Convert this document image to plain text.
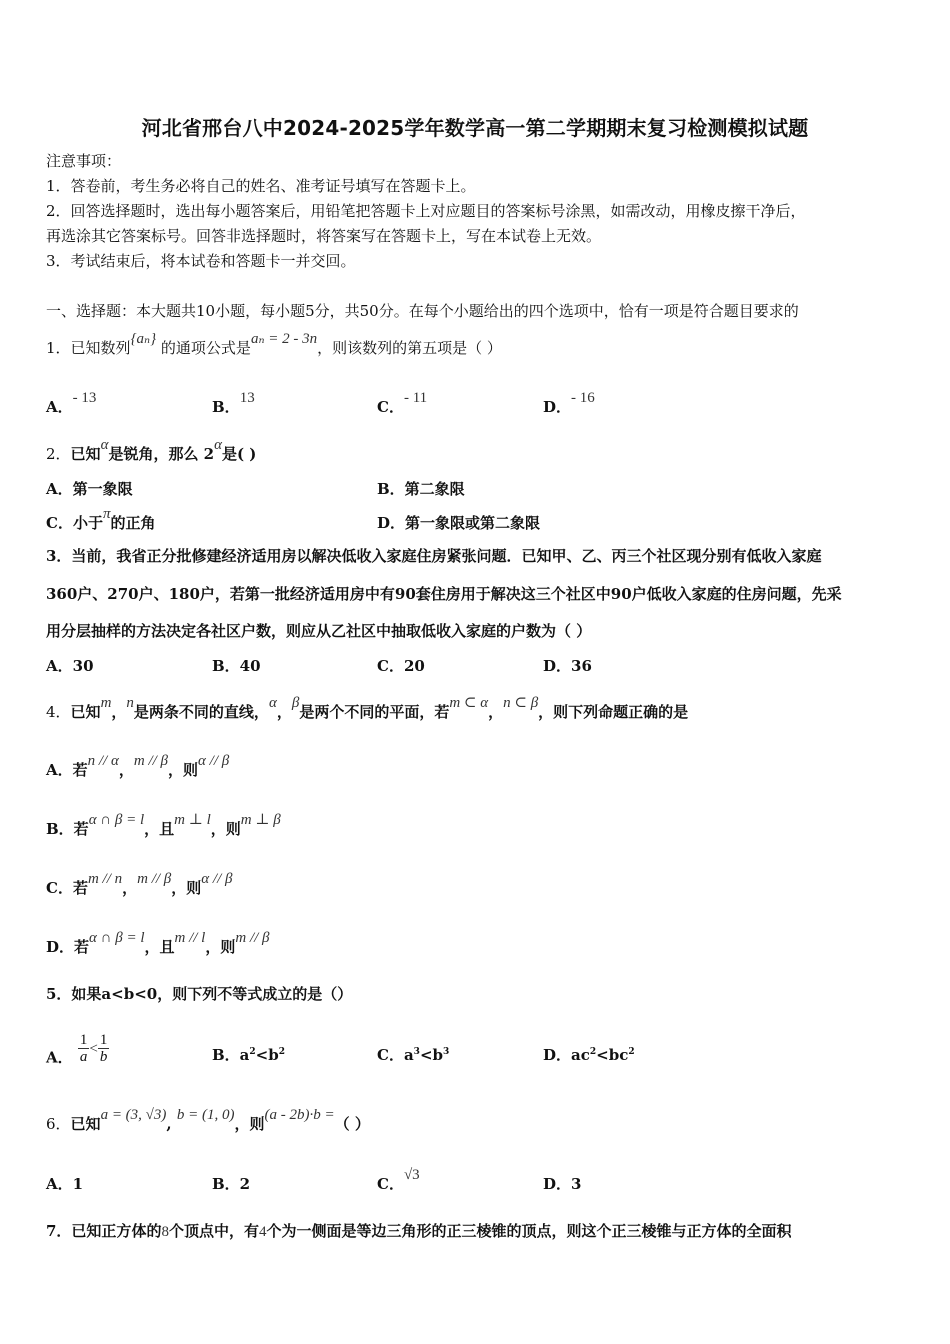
河北省邢台八中2024-2025学年数学高一第二学期期末复习检测模拟试题
注意事项：
1．答卷前，考生务必将自己的姓名、准考证号填写在答题卡上。
2．回答选择题时，选出每小题答案后，用铅笔把答题卡上对应题目的答案标号涂黑，如需改动，用橡皮擦干净后，
再选涂其它答案标号。回答非选择题时，将答案写在答题卡上，写在本试卷上无效。
3．考试结束后，将本试卷和答题卡一并交回。
一、选择题：本大题共10小题，每小题5分，共50分。在每个小题给出的四个选项中，恰有一项是符合题目要求的
1．已知数列{aₙ} 的通项公式是aₙ = 2 - 3n，则该数列的第五项是（ ）
A．- 13	B．13	C．- 11	D．- 16
2．已知α是锐角，那么 2α是( )
A．第一象限	B．第二象限
C．小于π的正角	D．第一象限或第二象限
3．当前，我省正分批修建经济适用房以解决低收入家庭住房紧张问题．已知甲、乙、丙三个社区现分别有低收入家庭
360户、270户、180户，若第一批经济适用房中有90套住房用于解决这三个社区中90户低收入家庭的住房问题，先采
用分层抽样的方法决定各社区户数，则应从乙社区中抽取低收入家庭的户数为（ ）
A．30	B．40	C．20	D．36
4．已知m，n是两条不同的直线，α，β是两个不同的平面，若m ⊂ α，n ⊂ β，则下列命题正确的是
A．若n // α，m // β，则α // β
B．若α ∩ β = l，且m ⊥ l，则m ⊥ β
C．若m // n，m // β，则α // β
D．若α ∩ β = l，且m // l，则m // β
5．如果a<b<0，则下列不等式成立的是（）
A． $\frac{1}{a} < \frac{1}{b}$	B．$a^2<b^2$	C．$a^3<b^3$	D．$ac^2<bc^2$
6．已知a = (3, √3), b = (1, 0)，则(a - 2b)·b =（ ）
A．1	B．2	C．√3	D．3
7．已知正方体的8个顶点中，有4个为一侧面是等边三角形的正三棱锥的顶点，则这个正三棱锥与正方体的全面积
